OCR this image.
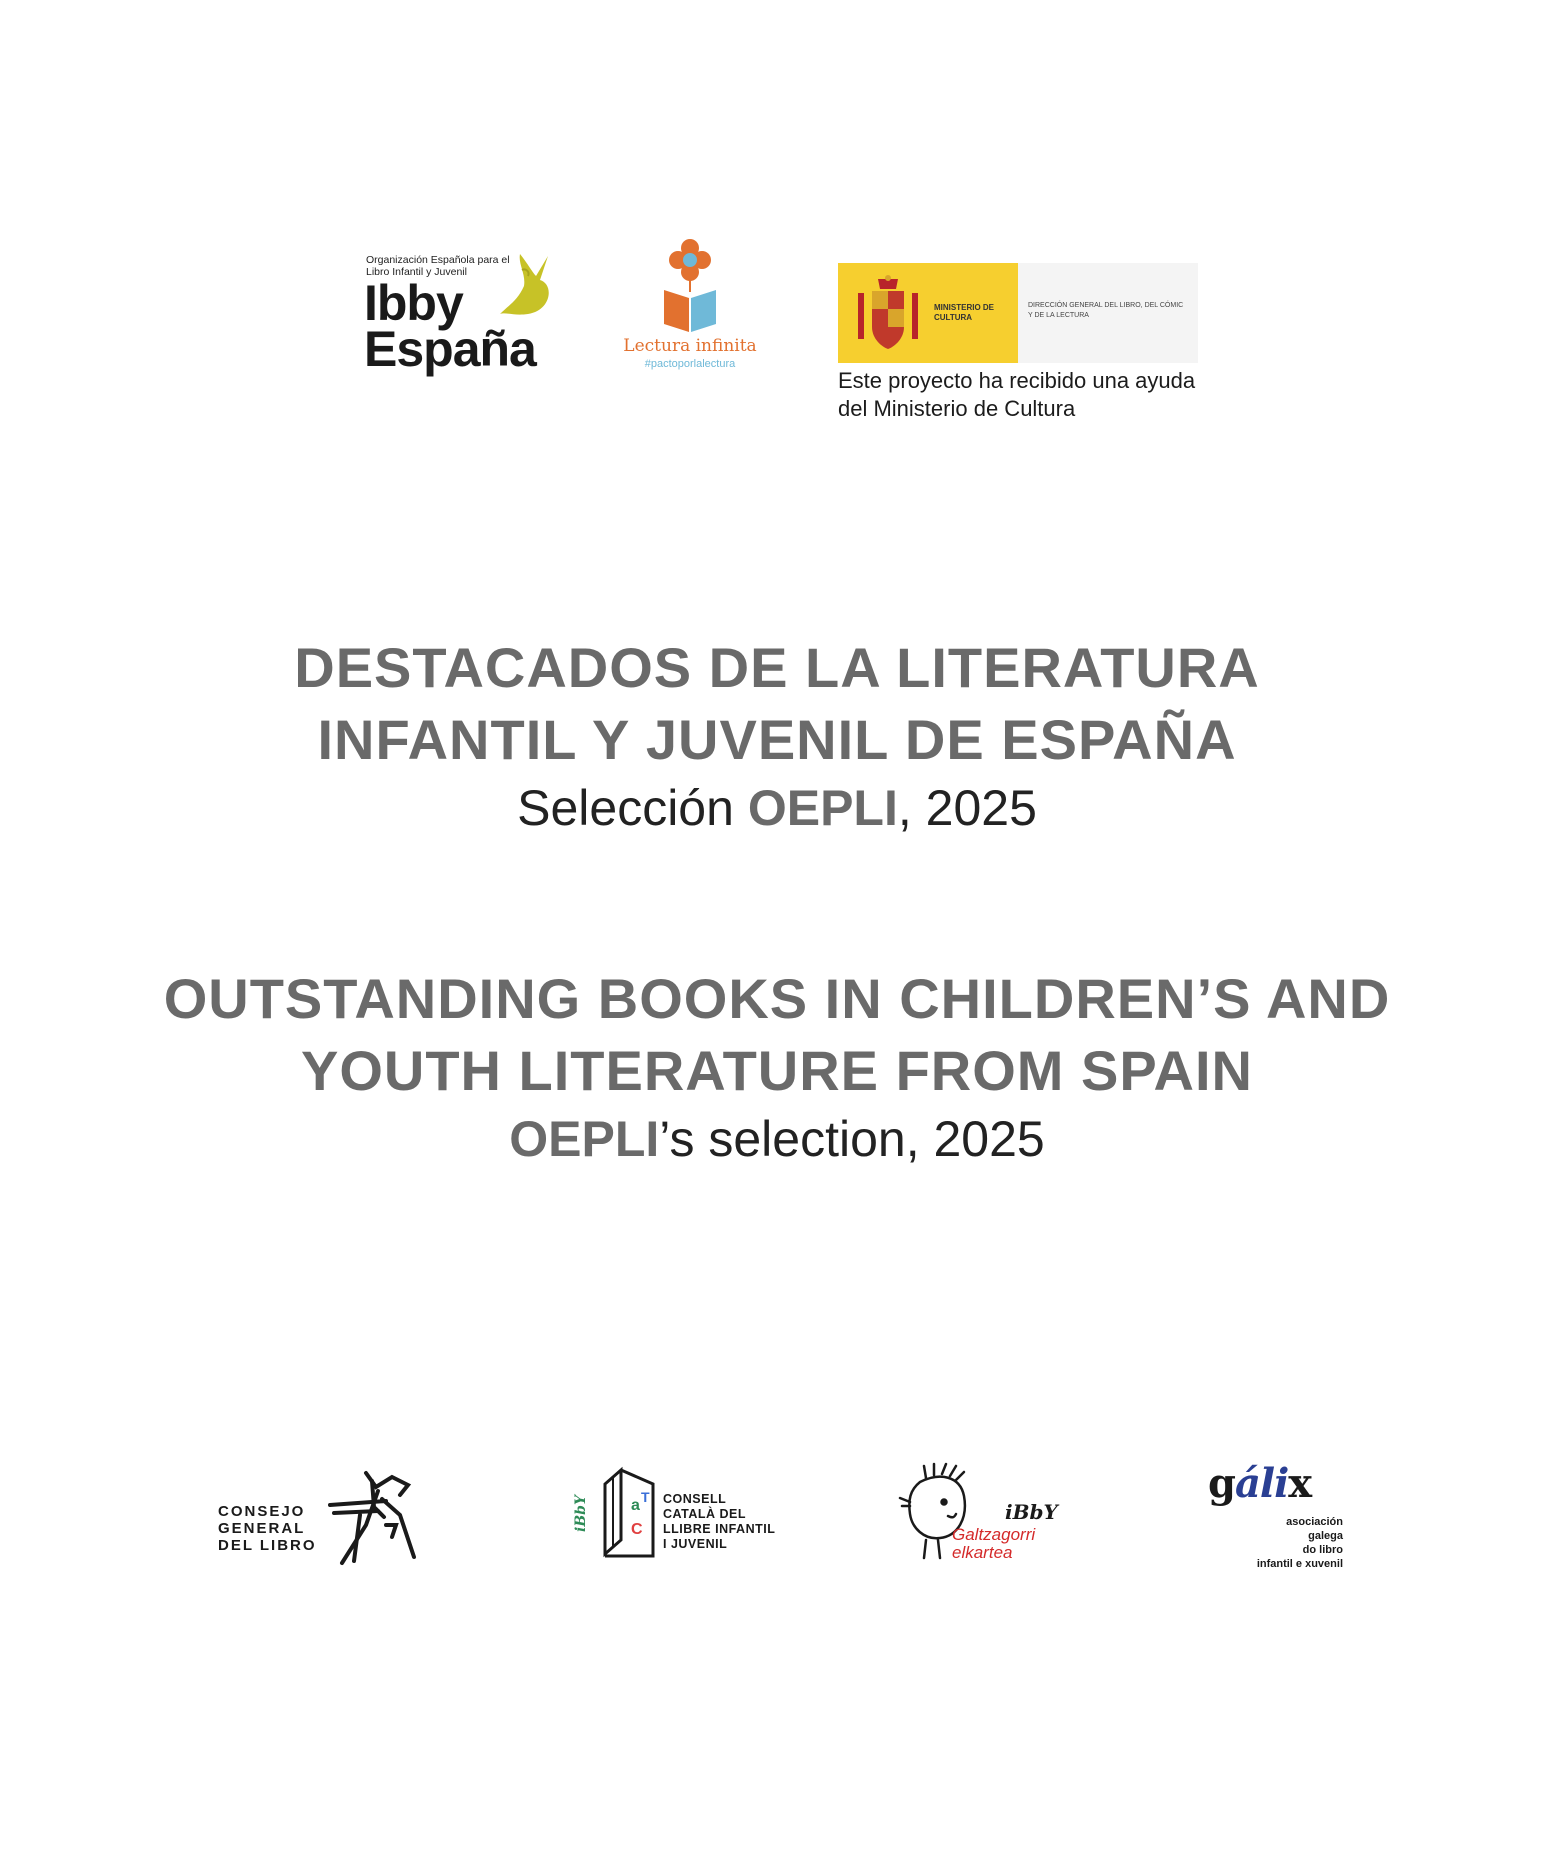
Organización Española para el Libro Infantil y Juvenil
Ibby
España	Lectura infinita
#pactoporlalectura
MINISTERIO DE CULTURA
DIRECCIÓN GENERAL DEL LIBRO, DEL CÓMIC Y DE LA LECTURA
Este proyecto ha recibido una ayuda del Ministerio de Cultura
DESTACADOS DE LA LITERATURA
INFANTIL Y JUVENIL DE ESPAÑA
Selección OEPLI, 2025
OUTSTANDING BOOKS IN CHILDREN’S AND
YOUTH LITERATURE FROM SPAIN
OEPLI’s selection, 2025
CONSEJO
GENERAL
DEL LIBRO
iBbY	a
C
T CONSELL
CATALÀ DEL
LLIBRE INFANTIL
I JUVENIL
iBbY
Galtzagorri
elkartea
gálix
asociación
galega
do libro
infantil e xuvenil
